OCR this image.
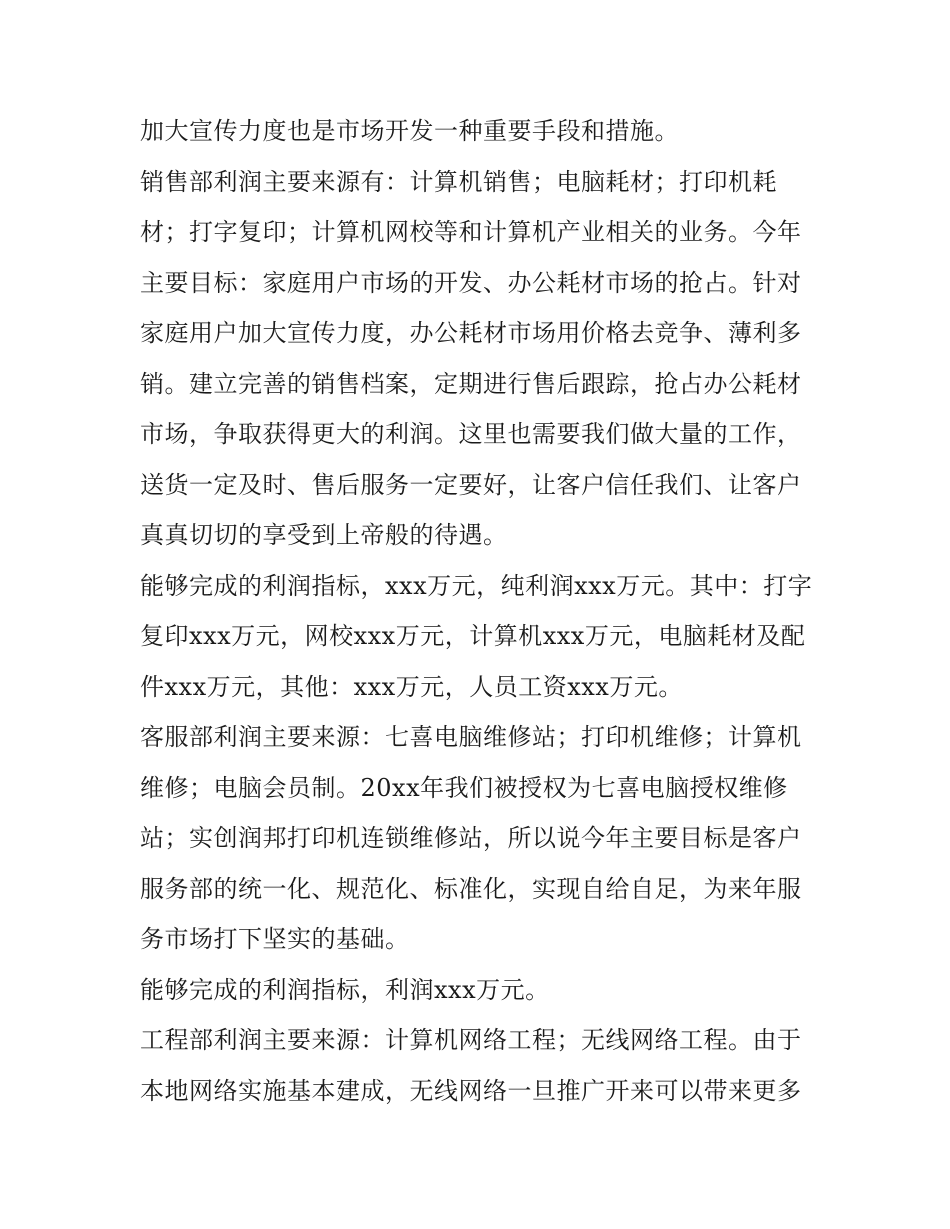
加大宣传力度也是市场开发一种重要手段和措施。

销售部利润主要来源有：计算机销售；电脑耗材；打印机耗材；打字复印；计算机网校等和计算机产业相关的业务。今年主要目标：家庭用户市场的开发、办公耗材市场的抢占。针对家庭用户加大宣传力度，办公耗材市场用价格去竞争、薄利多销。建立完善的销售档案，定期进行售后跟踪，抢占办公耗材市场，争取获得更大的利润。这里也需要我们做大量的工作，送货一定及时、售后服务一定要好，让客户信任我们、让客户真真切切的享受到上帝般的待遇。

能够完成的利润指标，xxx万元，纯利润xxx万元。其中：打字复印xxx万元，网校xxx万元，计算机xxx万元，电脑耗材及配件xxx万元，其他：xxx万元，人员工资xxx万元。

客服部利润主要来源：七喜电脑维修站；打印机维修；计算机维修；电脑会员制。20xx年我们被授权为七喜电脑授权维修站；实创润邦打印机连锁维修站，所以说今年主要目标是客户服务部的统一化、规范化、标准化，实现自给自足，为来年服务市场打下坚实的基础。

能够完成的利润指标，利润xxx万元。

工程部利润主要来源：计算机网络工程；无线网络工程。由于本地网络实施基本建成，无线网络一旦推广开来可以带来更多
